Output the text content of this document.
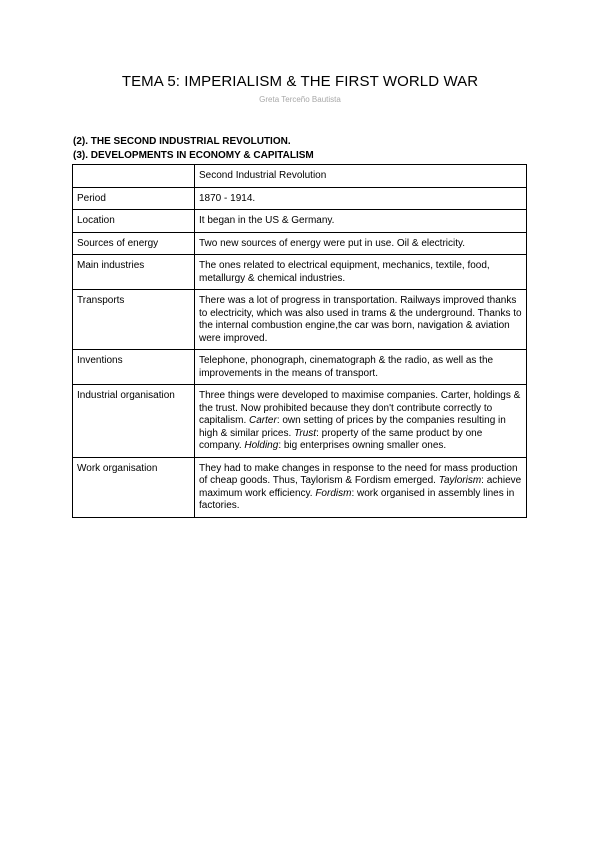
TEMA 5: IMPERIALISM & THE FIRST WORLD WAR
Greta Terceño Bautista
(2). THE SECOND INDUSTRIAL REVOLUTION.
(3). DEVELOPMENTS IN ECONOMY & CAPITALISM
	Second Industrial Revolution
Period	1870 - 1914.
Location	It began in the US & Germany.
Sources of energy	Two new sources of energy were put in use. Oil & electricity.
Main industries	The ones related to electrical equipment, mechanics, textile, food, metallurgy & chemical industries.
Transports	There was a lot of progress in transportation. Railways improved thanks to electricity, which was also used in trams & the underground. Thanks to the internal combustion engine,the car was born, navigation & aviation were improved.
Inventions	Telephone, phonograph, cinematograph & the radio, as well as the improvements in the means of transport.
Industrial organisation	Three things were developed to maximise companies. Carter, holdings & the trust. Now prohibited because they don't contribute correctly to capitalism. Carter: own setting of prices by the companies resulting in high & similar prices. Trust: property of the same product by one company. Holding: big enterprises owning smaller ones.
Work organisation	They had to make changes in response to the need for mass production of cheap goods. Thus, Taylorism & Fordism emerged. Taylorism: achieve maximum work efficiency. Fordism: work organised in assembly lines in factories.
